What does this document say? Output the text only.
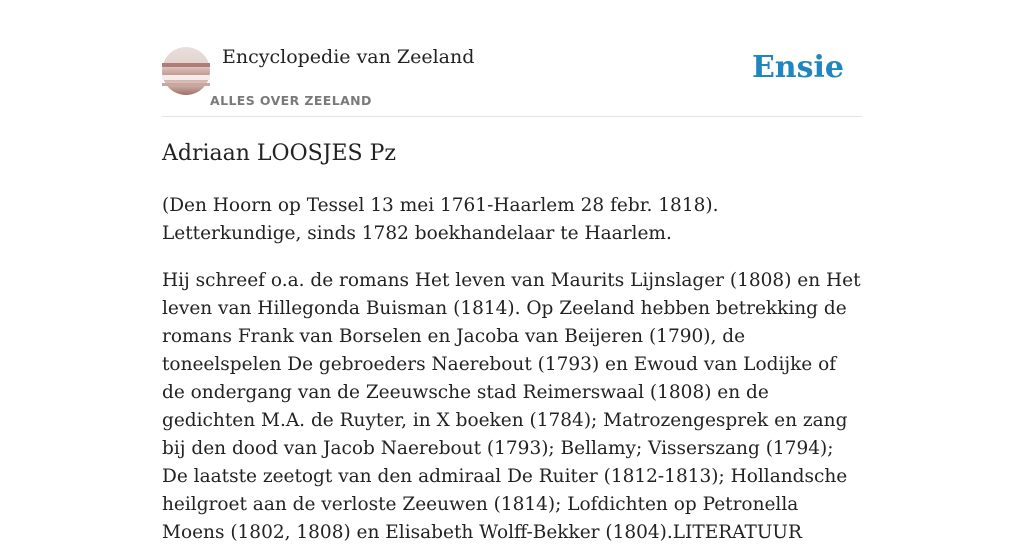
Encyclopedie van Zeeland
ALLES OVER ZEELAND
Ensie
Adriaan LOOSJES Pz

(Den Hoorn op Tessel 13 mei 1761-Haarlem 28 febr. 1818). Letterkundige, sinds 1782 boekhandelaar te Haarlem.

Hij schreef o.a. de romans Het leven van Maurits Lijnslager (1808) en Het leven van Hillegonda Buisman (1814). Op Zeeland hebben betrekking de romans Frank van Borselen en Jacoba van Beijeren (1790), de toneelspelen De gebroeders Naerebout (1793) en Ewoud van Lodijke of de ondergang van de Zeeuwsche stad Reimerswaal (1808) en de gedichten M.A. de Ruyter, in X boeken (1784); Matrozengesprek en zang bij den dood van Jacob Naerebout (1793); Bellamy; Visserszang (1794); De laatste zeetogt van den admiraal De Ruiter (1812-1813); Hollandsche heilgroet aan de verloste Zeeuwen (1814); Lofdichten op Petronella Moens (1802, 1808) en Elisabeth Wolff-Bekker (1804).LITERATUUR
